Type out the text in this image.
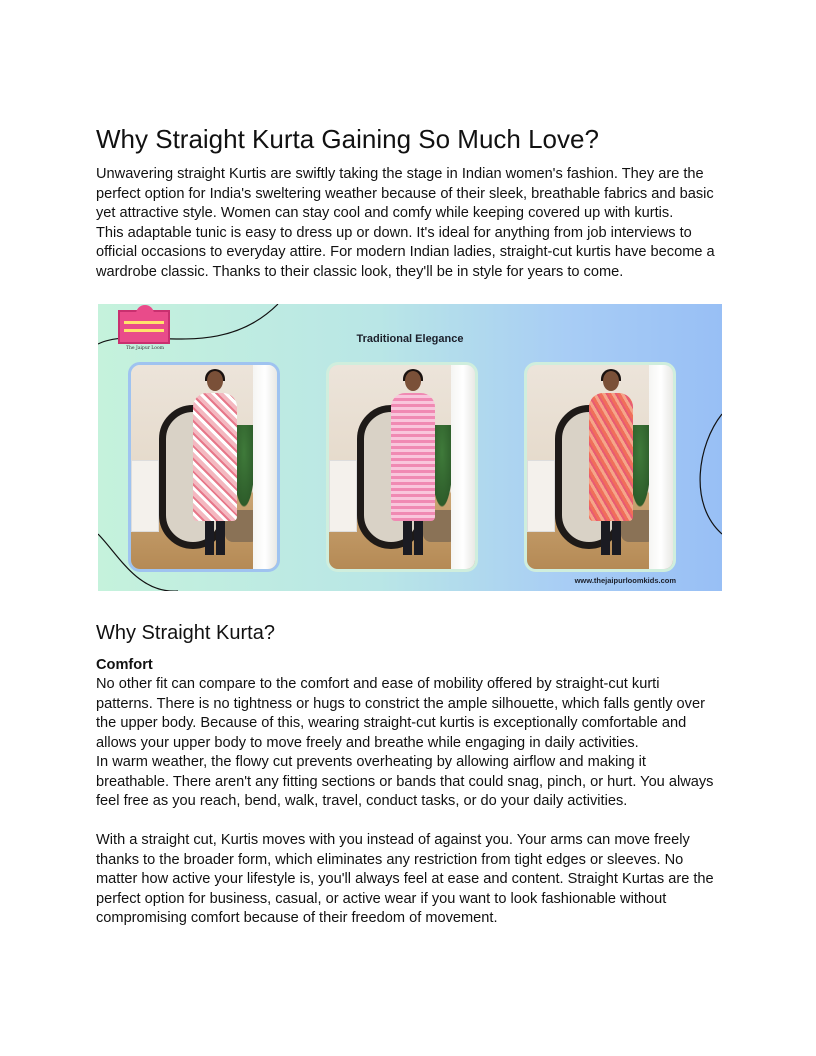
Why Straight Kurta Gaining So Much Love?

Unwavering straight Kurtis are swiftly taking the stage in Indian women's fashion. They are the

perfect option for India's sweltering weather because of their sleek, breathable fabrics and basic

yet attractive style. Women can stay cool and comfy while keeping covered up with kurtis.

This adaptable tunic is easy to dress up or down. It's ideal for anything from job interviews to

official occasions to everyday attire. For modern Indian ladies, straight-cut kurtis have become a

wardrobe classic. Thanks to their classic look, they'll be in style for years to come.

The Jaipur Loom
Traditional Elegance
www.thejaipurloomkids.com
Why Straight Kurta?

Comfort

No other fit can compare to the comfort and ease of mobility offered by straight-cut kurti

patterns. There is no tightness or hugs to constrict the ample silhouette, which falls gently over

the upper body. Because of this, wearing straight-cut kurtis is exceptionally comfortable and

allows your upper body to move freely and breathe while engaging in daily activities.

In warm weather, the flowy cut prevents overheating by allowing airflow and making it

breathable. There aren't any fitting sections or bands that could snag, pinch, or hurt. You always

feel free as you reach, bend, walk, travel, conduct tasks, or do your daily activities.

With a straight cut, Kurtis moves with you instead of against you. Your arms can move freely

thanks to the broader form, which eliminates any restriction from tight edges or sleeves. No

matter how active your lifestyle is, you'll always feel at ease and content. Straight Kurtas are the

perfect option for business, casual, or active wear if you want to look fashionable without

compromising comfort because of their freedom of movement.
